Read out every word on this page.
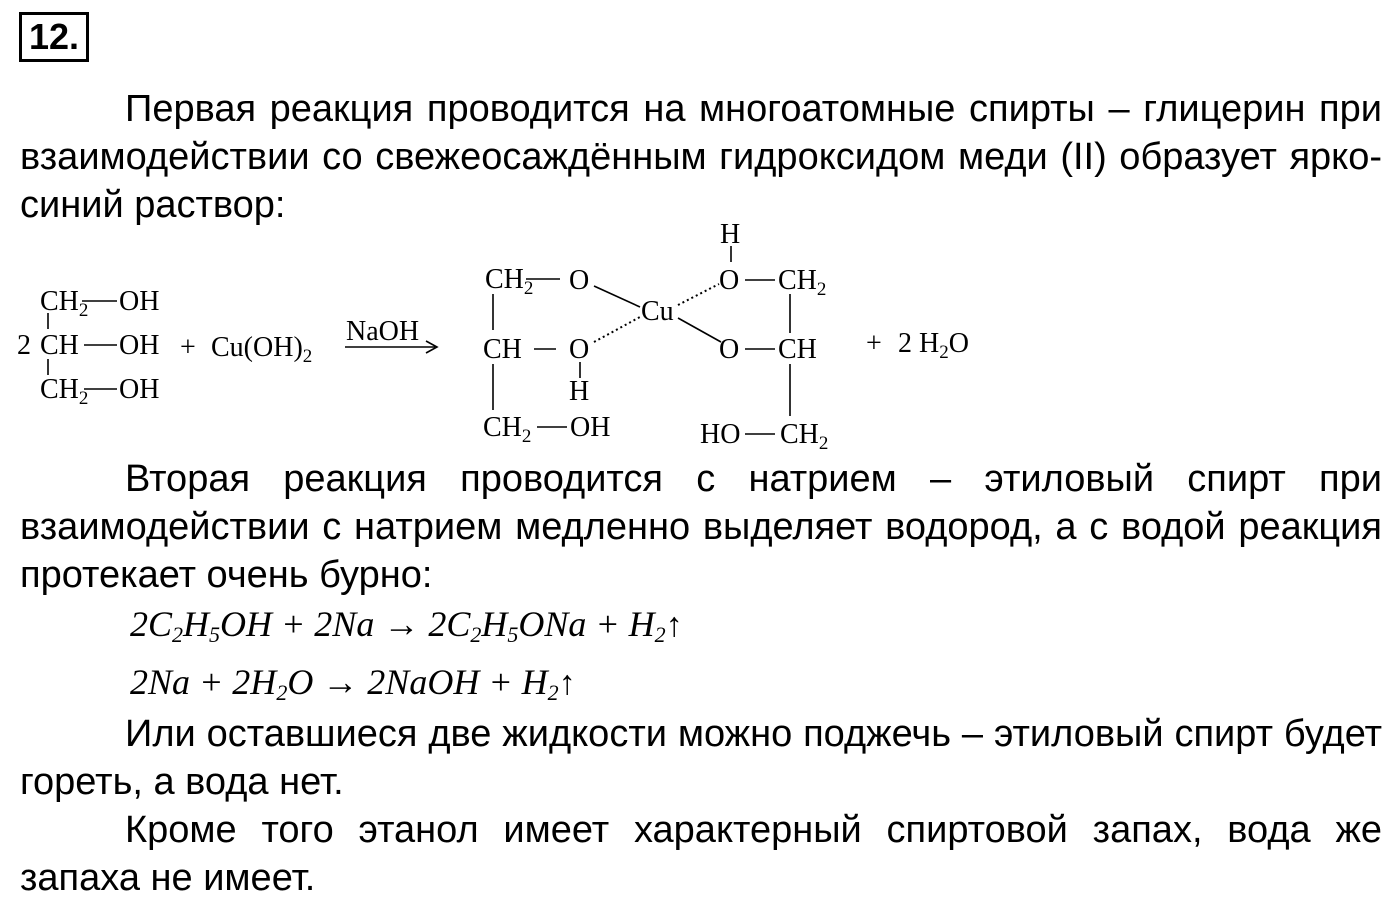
12.

Первая реакция проводится на многоатомные спирты – глицерин при взаимодействии со свежеосаждённым гидроксидом меди (II) образует ярко-синий раствор:

$CH_2$ OH
2 CH OH
$CH_2$ OH
+ $Cu(OH)_2$
NaOH
$CH_2$ O
CH O
H
$CH_2$ OH
Cu
H
O $CH_2$
O CH
HO $CH_2$
+ 2 $H_2O$

Вторая реакция проводится с натрием – этиловый спирт при взаимодействии с натрием медленно выделяет водород, а с водой реакция протекает очень бурно:

$2C_2H_5OH + 2Na \to 2C_2H_5ONa$ + $H_2↑$
$2Na + 2H_2O$ → 2NaOH + $H_2↑$

Или оставшиеся две жидкости можно поджечь – этиловый спирт будет гореть, а вода нет.

Кроме того этанол имеет характерный спиртовой запах, вода же запаха не имеет.
